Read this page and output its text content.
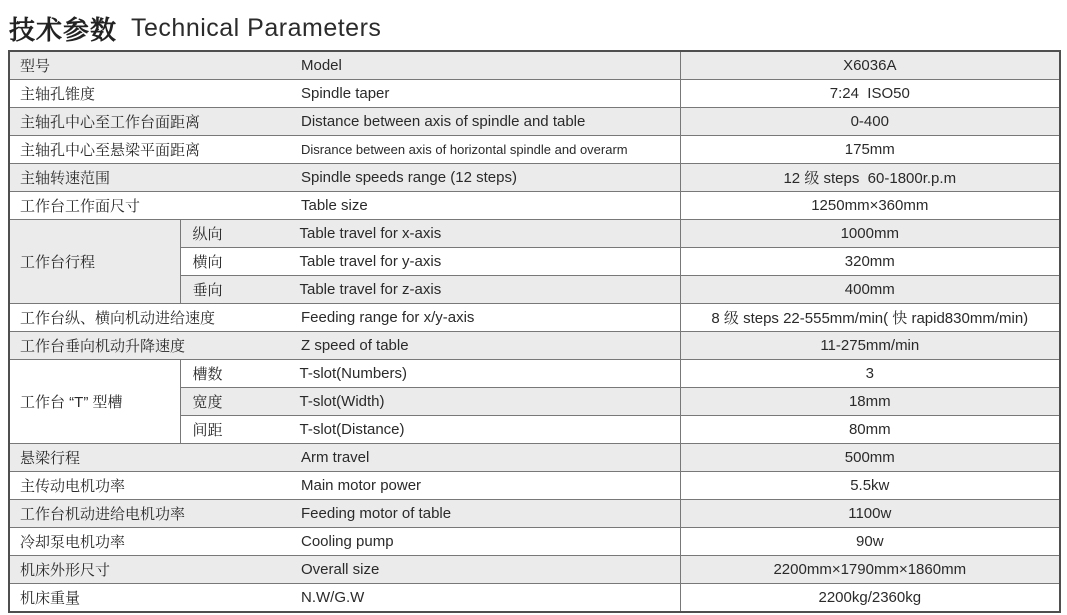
技术参数 Technical Parameters
型号 Model		X6036A

主轴孔锥度 Spindle taper		7:24  ISO50

主轴孔中心至工作台面距离 Distance between axis of spindle and table		0-400

主轴孔中心至悬梁平面距离 Disrance between axis of horizontal spindle and overarm		175mm

主轴转速范围 Spindle speeds range (12 steps)		12 级 steps  60-1800r.p.m

工作台工作面尺寸 Table size		1250mm×360mm
工作台行程	纵向 Table travel for x-axis	1000mm

	横向 Table travel for y-axis	320mm

	垂向 Table travel for z-axis	400mm

工作台纵、横向机动进给速度 Feeding range for x/y-axis		8 级 steps 22-555mm/min( 快 rapid830mm/min)

工作台垂向机动升降速度 Z speed of table		11-275mm/min
工作台 “T” 型槽	槽数 T-slot(Numbers)	3

	宽度 T-slot(Width)	18mm

	间距 T-slot(Distance)	80mm

悬梁行程 Arm travel		500mm

主传动电机功率 Main motor power		5.5kw

工作台机动进给电机功率 Feeding motor of table		1100w

冷却泵电机功率 Cooling pump		90w

机床外形尺寸 Overall size		2200mm×1790mm×1860mm

机床重量 N.W/G.W		2200kg/2360kg
